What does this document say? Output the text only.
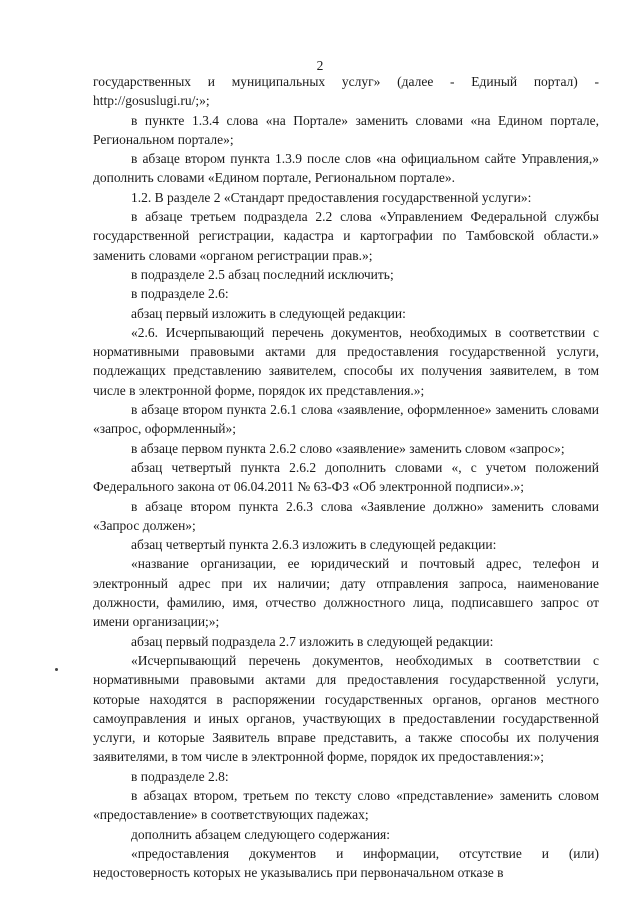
2

государственных и муниципальных услуг» (далее - Единый портал) - http://gosuslugi.ru/;»;

в пункте 1.3.4 слова «на Портале» заменить словами «на Едином портале, Региональном портале»;

в абзаце втором пункта 1.3.9 после слов «на официальном сайте Управления,» дополнить словами «Едином портале, Региональном портале».

1.2. В разделе 2 «Стандарт предоставления государственной услуги»:

в абзаце третьем подраздела 2.2 слова «Управлением Федеральной службы государственной регистрации, кадастра и картографии по Тамбовской области.» заменить словами «органом регистрации прав.»;

в подразделе 2.5 абзац последний исключить;

в подразделе 2.6:

абзац первый изложить в следующей редакции:

«2.6. Исчерпывающий перечень документов, необходимых в соответствии с нормативными правовыми актами для предоставления государственной услуги, подлежащих представлению заявителем, способы их получения заявителем, в том числе в электронной форме, порядок их представления.»;

в абзаце втором пункта 2.6.1 слова «заявление, оформленное» заменить словами «запрос, оформленный»;

в абзаце первом пункта 2.6.2 слово «заявление» заменить словом «запрос»;

абзац четвертый пункта 2.6.2 дополнить словами «, с учетом положений Федерального закона от 06.04.2011 № 63-ФЗ «Об электронной подписи».»;

в абзаце втором пункта 2.6.3 слова «Заявление должно» заменить словами «Запрос должен»;

абзац четвертый пункта 2.6.3 изложить в следующей редакции:

«название организации, ее юридический и почтовый адрес, телефон и электронный адрес при их наличии; дату отправления запроса, наименование должности, фамилию, имя, отчество должностного лица, подписавшего запрос от имени организации;»;

абзац первый подраздела 2.7 изложить в следующей редакции:

«Исчерпывающий перечень документов, необходимых в соответствии с нормативными правовыми актами для предоставления государственной услуги, которые находятся в распоряжении государственных органов, органов местного самоуправления и иных органов, участвующих в предоставлении государственной услуги, и которые Заявитель вправе представить, а также способы их получения заявителями, в том числе в электронной форме, порядок их предоставления:»;

в подразделе 2.8:

в абзацах втором, третьем по тексту слово «представление» заменить словом «предоставление» в соответствующих падежах;

дополнить абзацем следующего содержания:

«предоставления документов и информации, отсутствие и (или) недостоверность которых не указывались при первоначальном отказе в
